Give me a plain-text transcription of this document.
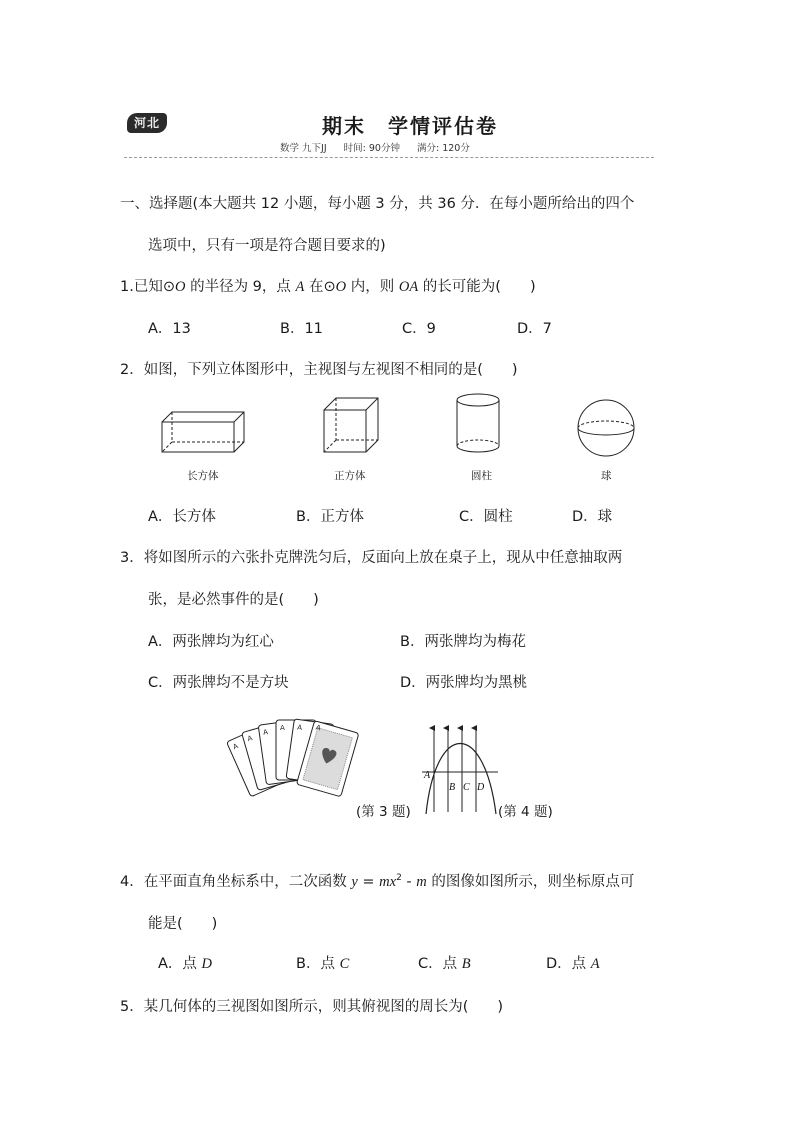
河北	期末　学情评估卷
数学 九下JJ 时间: 90分钟 满分: 120分
一、选择题(本大题共 12 小题，每小题 3 分，共 36 分．在每小题所给出的四个
选项中，只有一项是符合题目要求的)
1.已知⊙O 的半径为 9，点 A 在⊙O 内，则 OA 的长可能为(　　)
A．13	B．11	C．9	D．7
2．如图，下列立体图形中，主视图与左视图不相同的是(　　)
长方体	正方体	圆柱	球
A．长方体	B．正方体	C．圆柱	D．球
3．将如图所示的六张扑克牌洗匀后，反面向上放在桌子上，现从中任意抽取两
张，是必然事件的是(　　)
A．两张牌均为红心	B．两张牌均为梅花
C．两张牌均不是方块	D．两张牌均为黑桃
A
A
A
A A A
(第 3 题)
A
B C D
(第 4 题)
4．在平面直角坐标系中，二次函数 $y = mx^2 - m$ 的图像如图所示，则坐标原点可
能是(　　)
A．点 D	B．点 C	C．点 B	D．点 A
5．某几何体的三视图如图所示，则其俯视图的周长为(　　)
